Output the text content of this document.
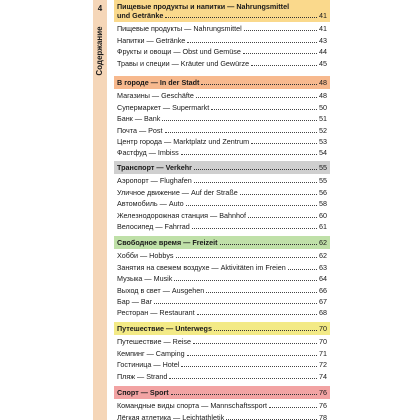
4
Содержание
Пищевые продукты и напитки — Nahrungsmittel
und Getränke	41
Пищевые продукты — Nahrungsmittel	41
Напитки — Getränke	43
Фрукты и овощи — Obst und Gemüse	44
Травы и специи — Kräuter und Gewürze	45
В городе — In der Stadt	48
Магазины — Geschäfte	48
Супермаркет — Supermarkt	50
Банк — Bank	51
Почта — Post	52
Центр города — Marktplatz und Zentrum	53
Фастфуд — Imbiss	54
Транспорт — Verkehr	55
Аэропорт — Flughafen	55
Уличное движение — Auf der Straße	56
Автомобиль — Auto	58
Железнодорожная станция — Bahnhof	60
Велосипед — Fahrrad	61
Свободное время — Freizeit	62
Хобби — Hobbys	62
Занятия на свежем воздухе — Aktivitäten im Freien	63
Музыка — Musik	64
Выход в свет — Ausgehen	66
Бар — Bar	67
Ресторан — Restaurant	68
Путешествие — Unterwegs	70
Путешествие — Reise	70
Кемпинг — Camping	71
Гостиница — Hotel	72
Пляж — Strand	74
Спорт — Sport	76
Командные виды спорта — Mannschaftssport	76
Лёгкая атлетика — Leichtathletik	78
